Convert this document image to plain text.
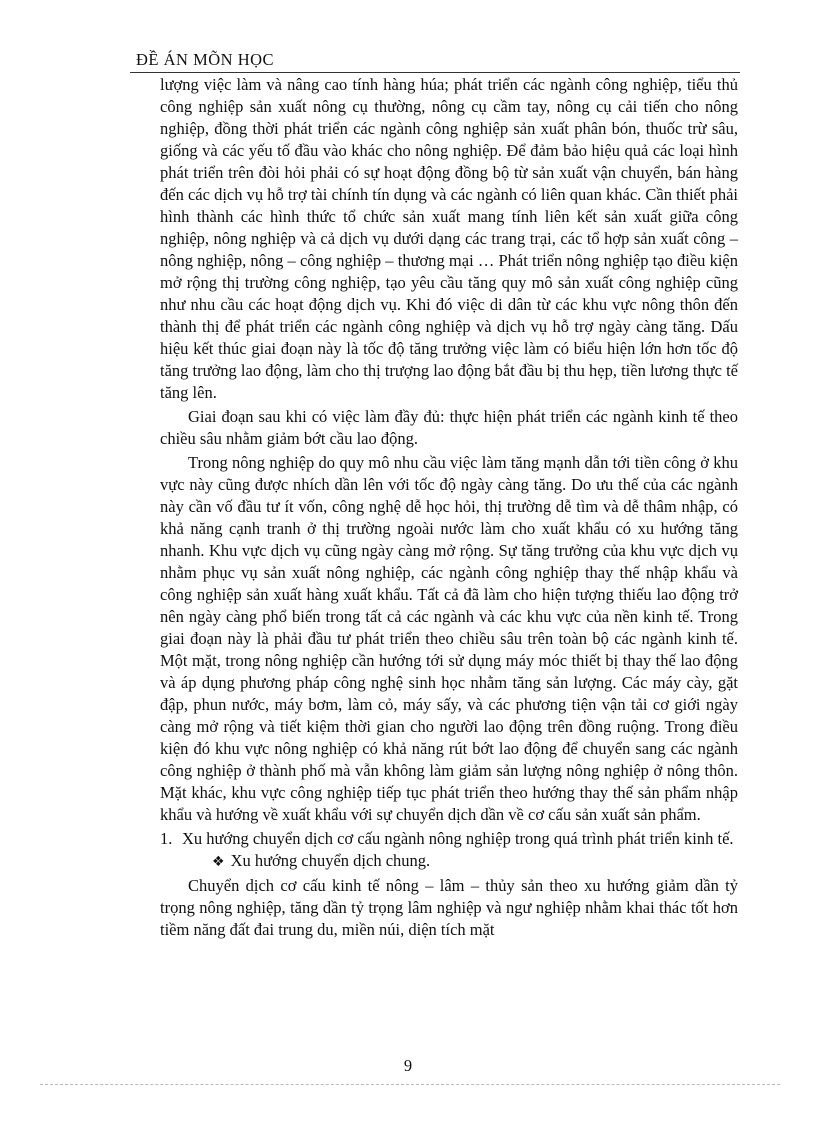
ĐỀ ÁN MÕN HỌC

lượng việc làm và nâng cao tính hàng húa; phát triển các ngành công nghiệp, tiểu thủ công nghiệp sản xuất nông cụ thường, nông cụ cầm tay, nông cụ cải tiến cho nông nghiệp, đồng thời phát triển các ngành công nghiệp sản xuất phân bón, thuốc trừ sâu, giống và các yếu tố đầu vào khác cho nông nghiệp. Để đảm bảo hiệu quả các loại hình phát triển trên đòi hỏi phải có sự hoạt động đồng bộ từ sản xuất vận chuyển, bán hàng đến các dịch vụ hỗ trợ tài chính tín dụng và các ngành có liên quan khác. Cần thiết phải hình thành các hình thức tổ chức sản xuất mang tính liên kết sản xuất giữa công nghiệp, nông nghiệp và cả dịch vụ dưới dạng các trang trại, các tổ hợp sản xuất công – nông nghiệp, nông – công nghiệp – thương mại … Phát triển nông nghiệp tạo điều kiện mở rộng thị trường công nghiệp, tạo yêu cầu tăng quy mô sản xuất công nghiệp cũng như nhu cầu các hoạt động dịch vụ. Khi đó việc di dân từ các khu vực nông thôn đến thành thị để phát triển các ngành công nghiệp và dịch vụ hỗ trợ ngày càng tăng. Dấu hiệu kết thúc giai đoạn này là tốc độ tăng trưởng việc làm có biểu hiện lớn hơn tốc độ tăng trưởng lao động, làm cho thị trượng lao động bắt đầu bị thu hẹp, tiền lương thực tế tăng lên.

Giai đoạn sau khi có việc làm đầy đủ: thực hiện phát triển các ngành kinh tế theo chiều sâu nhằm giảm bớt cầu lao động.

Trong nông nghiệp do quy mô nhu cầu việc làm tăng mạnh dẫn tới tiền công ở khu vực này cũng được nhích dần lên với tốc độ ngày càng tăng. Do ưu thế của các ngành này cần vố đầu tư ít vốn, công nghệ dễ học hỏi, thị trường dễ tìm và dễ thâm nhập, có khả năng cạnh tranh ở thị trường ngoài nước làm cho xuất khẩu có xu hướng tăng nhanh. Khu vực dịch vụ cũng ngày càng mở rộng. Sự tăng trưởng của khu vực dịch vụ nhằm phục vụ sản xuất nông nghiệp, các ngành công nghiệp thay thế nhập khẩu và công nghiệp sản xuất hàng xuất khẩu. Tất cả đã làm cho hiện tượng thiếu lao động trở nên ngày càng phổ biến trong tất cả các ngành và các khu vực của nền kinh tế. Trong giai đoạn này là phải đầu tư phát triển theo chiều sâu trên toàn bộ các ngành kinh tế. Một mặt, trong nông nghiệp cần hướng tới sử dụng máy móc thiết bị thay thế lao động và áp dụng phương pháp công nghệ sinh học nhằm tăng sản lượng. Các máy cày, gặt đập, phun nước, máy bơm, làm cỏ, máy sấy, và các phương tiện vận tải cơ giới ngày càng mở rộng và tiết kiệm thời gian cho người lao động trên đồng ruộng. Trong điều kiện đó khu vực nông nghiệp có khả năng rút bớt lao động để chuyển sang các ngành công nghiệp ở thành phố mà vẫn không làm giảm sản lượng nông nghiệp ở nông thôn. Mặt khác, khu vực công nghiệp tiếp tục phát triển theo hướng thay thế sản phẩm nhập khẩu và hướng về xuất khẩu với sự chuyển dịch dần về cơ cấu sản xuất sản phẩm.

1. Xu hướng chuyển dịch cơ cấu ngành nông nghiệp trong quá trình phát triển kinh tế.
❖ Xu hướng chuyển dịch chung.

Chuyển dịch cơ cấu kinh tế nông – lâm – thủy sản theo xu hướng giảm dần tỷ trọng nông nghiệp, tăng dần tỷ trọng lâm nghiệp và ngư nghiệp nhằm khai thác tốt hơn tiềm năng đất đai trung du, miền núi, diện tích mặt

9
